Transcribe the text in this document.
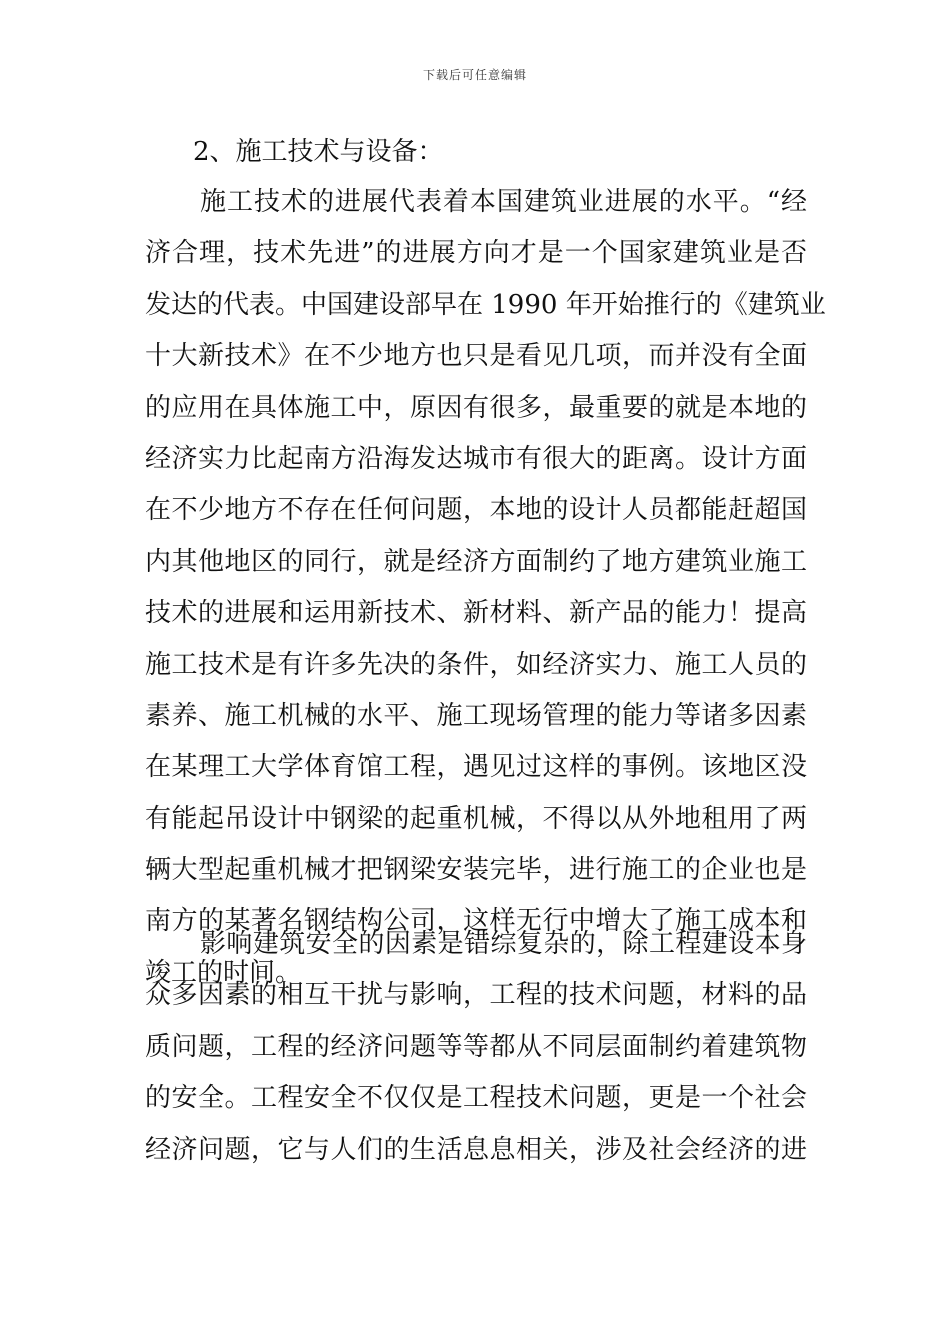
下载后可任意编辑
2、施工技术与设备：
施工技术的进展代表着本国建筑业进展的水平。“经
济合理，技术先进”的进展方向才是一个国家建筑业是否
发达的代表。中国建设部早在 1990 年开始推行的《建筑业
十大新技术》在不少地方也只是看见几项，而并没有全面
的应用在具体施工中，原因有很多，最重要的就是本地的
经济实力比起南方沿海发达城市有很大的距离。设计方面
在不少地方不存在任何问题，本地的设计人员都能赶超国
内其他地区的同行，就是经济方面制约了地方建筑业施工
技术的进展和运用新技术、新材料、新产品的能力！提高
施工技术是有许多先决的条件，如经济实力、施工人员的
素养、施工机械的水平、施工现场管理的能力等诸多因素
在某理工大学体育馆工程，遇见过这样的事例。该地区没
有能起吊设计中钢梁的起重机械，不得以从外地租用了两
辆大型起重机械才把钢梁安装完毕，进行施工的企业也是
南方的某著名钢结构公司，这样无行中增大了施工成本和
竣工的时间。
影响建筑安全的因素是错综复杂的，除工程建设本身
众多因素的相互干扰与影响，工程的技术问题，材料的品
质问题，工程的经济问题等等都从不同层面制约着建筑物
的安全。工程安全不仅仅是工程技术问题，更是一个社会
经济问题，它与人们的生活息息相关，涉及社会经济的进
